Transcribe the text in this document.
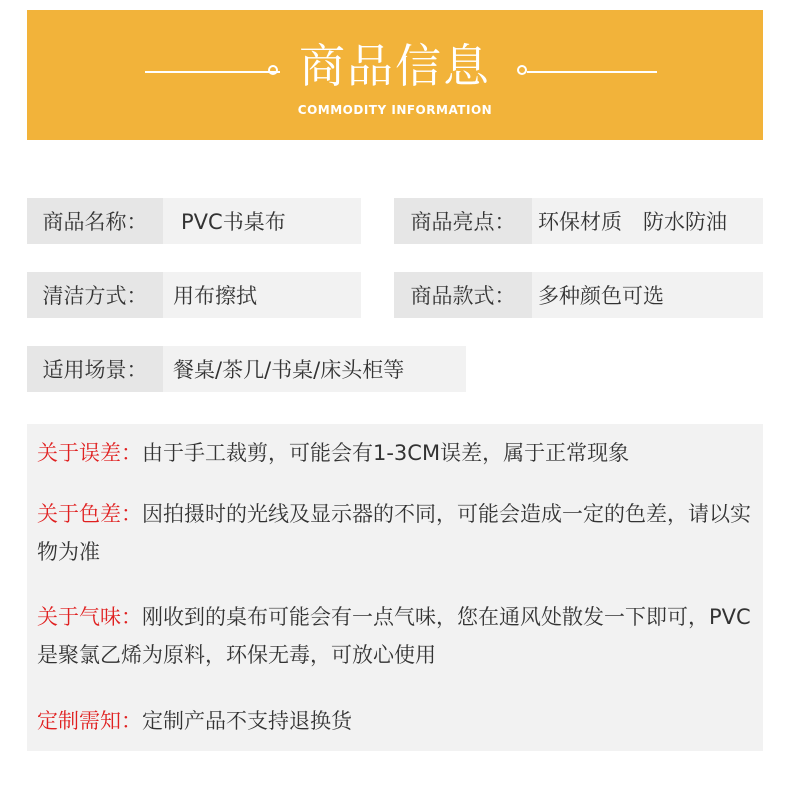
商品信息
COMMODITY INFORMATION
商品名称：	PVC书桌布	商品亮点：	环保材质　防水防油
清洁方式：	用布擦拭	商品款式：	多种颜色可选
适用场景：	餐桌/茶几/书桌/床头柜等
关于误差：由于手工裁剪，可能会有1-3CM误差，属于正常现象
关于色差：因拍摄时的光线及显示器的不同，可能会造成一定的色差，请以实物为准
关于气味：刚收到的桌布可能会有一点气味，您在通风处散发一下即可，PVC是聚氯乙烯为原料，环保无毒，可放心使用
定制需知：定制产品不支持退换货
